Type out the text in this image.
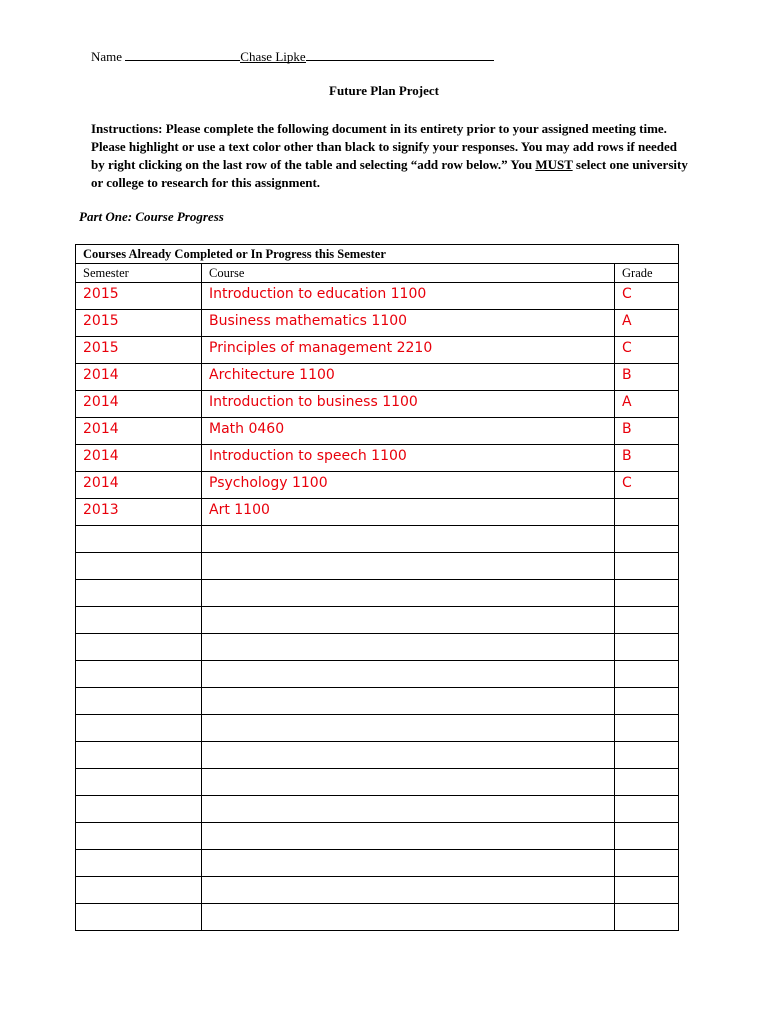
Name	Chase Lipke
Future Plan Project

Instructions: Please complete the following document in its entirety prior to your assigned meeting time. Please highlight or use a text color other than black to signify your responses. You may add rows if needed by right clicking on the last row of the table and selecting “add row below.” You MUST select one university or college to research for this assignment.

Part One: Course Progress
Courses Already Completed or In Progress this Semester		
Semester	Course	Grade
2015	Introduction to education 1100	C
2015	Business mathematics 1100	A
2015	Principles of management 2210	C
2014	Architecture 1100	B
2014	Introduction to business 1100	A
2014	Math 0460	B
2014	Introduction to speech 1100	B
2014	Psychology 1100	C
2013	Art 1100	
